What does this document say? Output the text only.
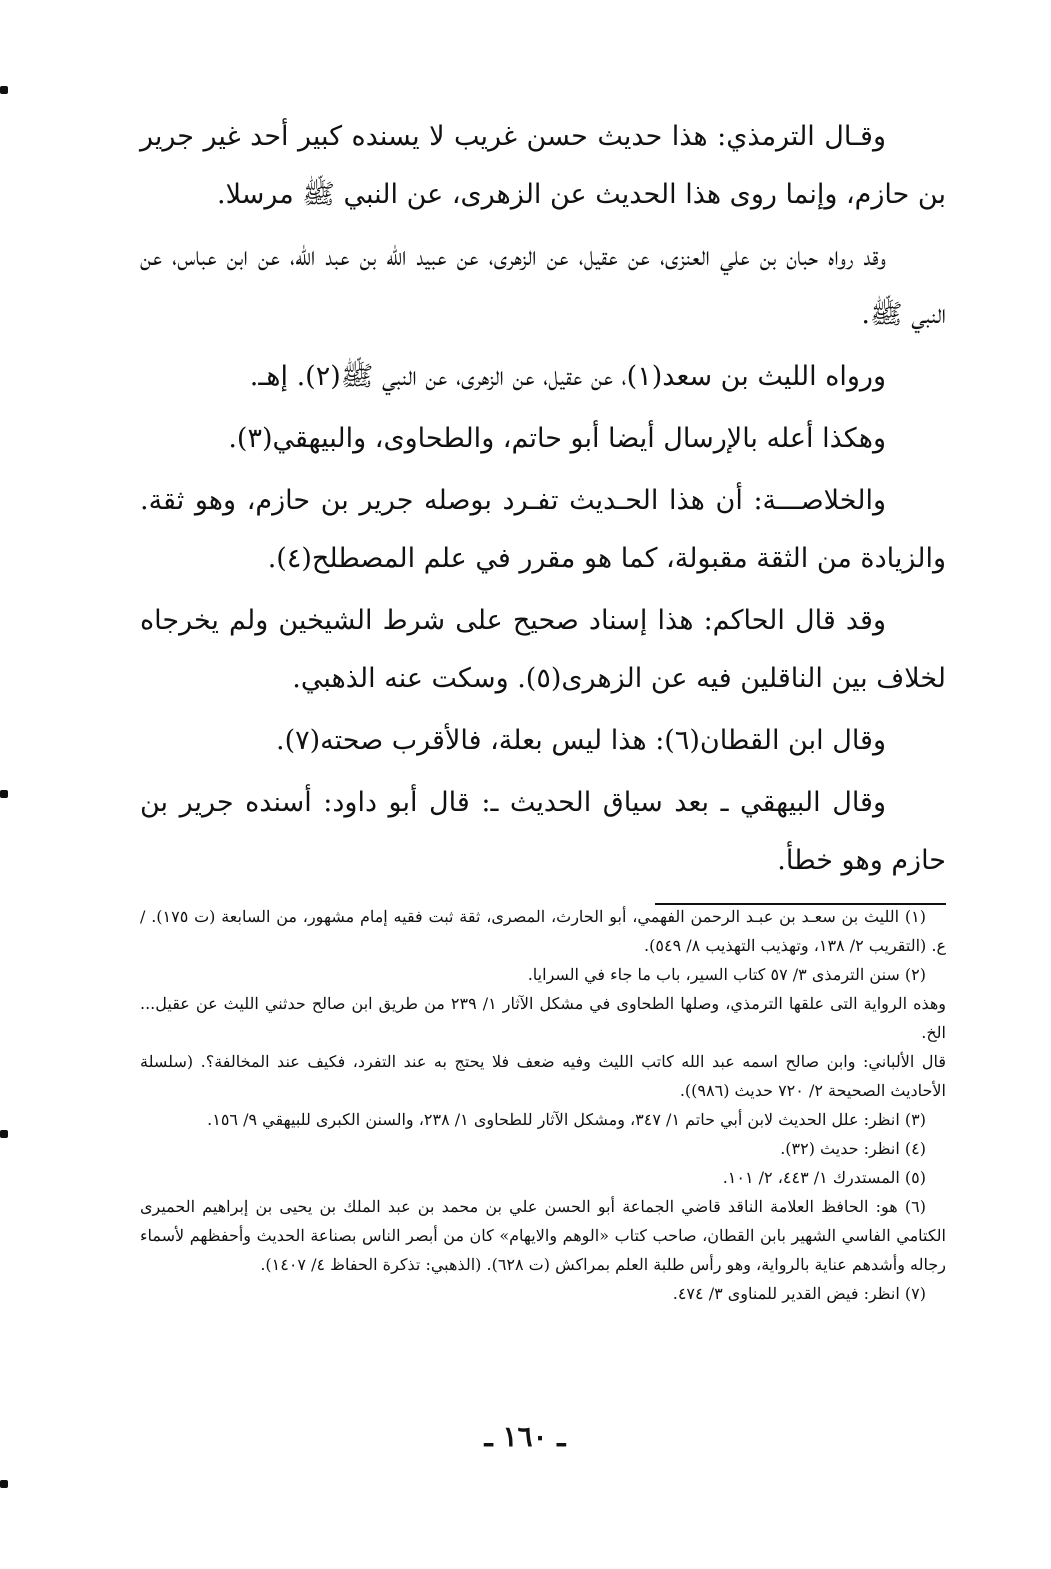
وقـال الترمذي: هذا حديث حسن غريب لا يسنده كبير أحد غير جرير بن حازم، وإنما روى هذا الحديث عن الزهرى، عن النبي ﷺ مرسلا.

وقد رواه حبان بن علي العنزى، عن عقيل، عن الزهرى، عن عبيد الله بن عبد الله، عن ابن عباس، عن النبي ﷺ.

ورواه الليث بن سعد(١)، عن عقيل، عن الزهرى، عن النبي ﷺ(٢). إهـ.

وهكذا أعله بالإرسال أيضا أبو حاتم، والطحاوى، والبيهقي(٣).

والخلاصـــة: أن هذا الحـديث تفـرد بوصله جرير بن حازم، وهو ثقة. والزيادة من الثقة مقبولة، كما هو مقرر في علم المصطلح(٤).

وقد قال الحاكم: هذا إسناد صحيح على شرط الشيخين ولم يخرجاه لخلاف بين الناقلين فيه عن الزهرى(٥). وسكت عنه الذهبي.

وقال ابن القطان(٦): هذا ليس بعلة، فالأقرب صحته(٧).

وقال البيهقي ـ بعد سياق الحديث ـ: قال أبو داود: أسنده جرير بن حازم وهو خطأ.

(١) الليث بن سعـد بن عبـد الرحمن الفهمي، أبو الحارث، المصرى، ثقة ثبت فقيه إمام مشهور، من السابعة (ت ١٧٥). / ع. (التقريب ٢/ ١٣٨، وتهذيب التهذيب ٨/ ٥٤٩).

(٢) سنن الترمذى ٣/ ٥٧ كتاب السير، باب ما جاء في السرايا.

وهذه الرواية التى علقها الترمذي، وصلها الطحاوى في مشكل الآثار ١/ ٢٣٩ من طريق ابن صالح حدثني الليث عن عقيل... الخ.

قال الألباني: وابن صالح اسمه عبد الله كاتب الليث وفيه ضعف فلا يحتج به عند التفرد، فكيف عند المخالفة؟. (سلسلة الأحاديث الصحيحة ٢/ ٧٢٠ حديث (٩٨٦)).

(٣) انظر: علل الحديث لابن أبي حاتم ١/ ٣٤٧، ومشكل الآثار للطحاوى ١/ ٢٣٨، والسنن الكبرى للبيهقي ٩/ ١٥٦.

(٤) انظر: حديث (٣٢).

(٥) المستدرك ١/ ٤٤٣، ٢/ ١٠١.

(٦) هو: الحافظ العلامة الناقد قاضي الجماعة أبو الحسن علي بن محمد بن عبد الملك بن يحيى بن إبراهيم الحميرى الكتامي الفاسي الشهير بابن القطان، صاحب كتاب «الوهم والايهام» كان من أبصر الناس بصناعة الحديث وأحفظهم لأسماء رجاله وأشدهم عناية بالرواية، وهو رأس طلبة العلم بمراكش (ت ٦٢٨). (الذهبي: تذكرة الحفاظ ٤/ ١٤٠٧).

(٧) انظر: فيض القدير للمناوى ٣/ ٤٧٤.

ـ ١٦٠ ـ
